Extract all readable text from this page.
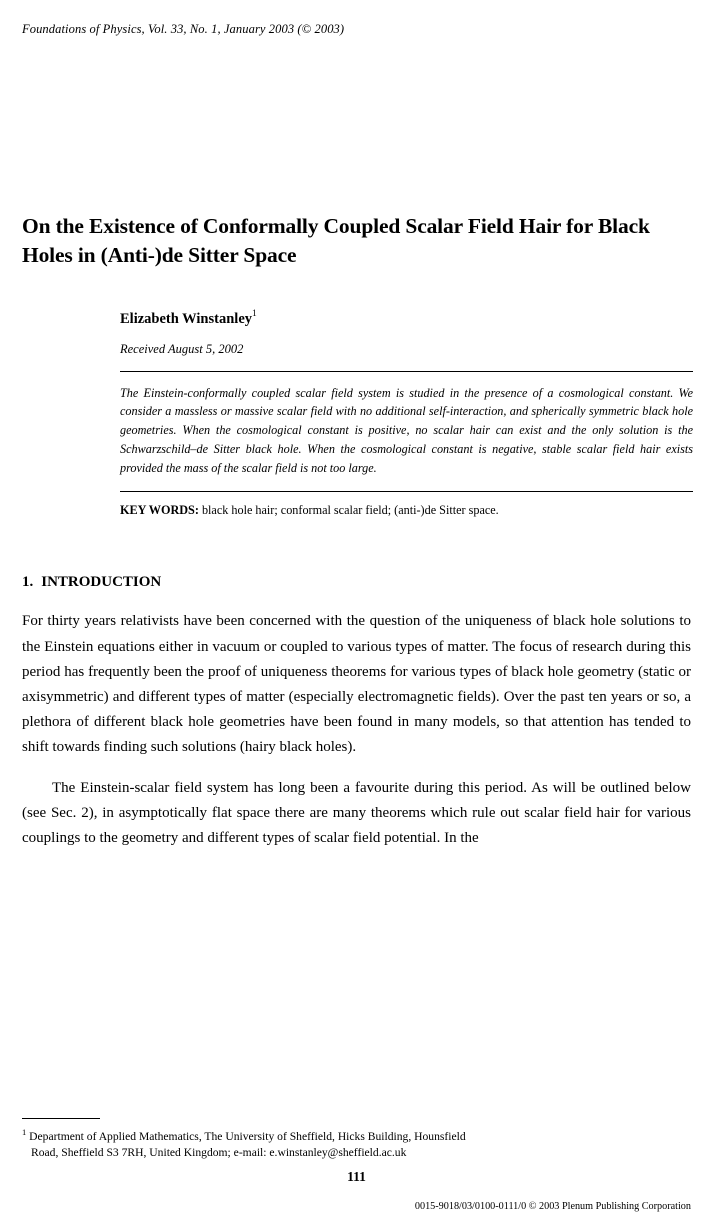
Foundations of Physics, Vol. 33, No. 1, January 2003 (© 2003)
On the Existence of Conformally Coupled Scalar Field Hair for Black Holes in (Anti-)de Sitter Space
Elizabeth Winstanley$^1$
Received August 5, 2002
The Einstein-conformally coupled scalar field system is studied in the presence of a cosmological constant. We consider a massless or massive scalar field with no additional self-interaction, and spherically symmetric black hole geometries. When the cosmological constant is positive, no scalar hair can exist and the only solution is the Schwarzschild–de Sitter black hole. When the cosmological constant is negative, stable scalar field hair exists provided the mass of the scalar field is not too large.
KEY WORDS: black hole hair; conformal scalar field; (anti-)de Sitter space.
1. INTRODUCTION

For thirty years relativists have been concerned with the question of the uniqueness of black hole solutions to the Einstein equations either in vacuum or coupled to various types of matter. The focus of research during this period has frequently been the proof of uniqueness theorems for various types of black hole geometry (static or axisymmetric) and different types of matter (especially electromagnetic fields). Over the past ten years or so, a plethora of different black hole geometries have been found in many models, so that attention has tended to shift towards finding such solutions (hairy black holes).

The Einstein-scalar field system has long been a favourite during this period. As will be outlined below (see Sec. 2), in asymptotically flat space there are many theorems which rule out scalar field hair for various couplings to the geometry and different types of scalar field potential. In the

$^1$ Department of Applied Mathematics, The University of Sheffield, Hicks Building, Hounsfield
Road, Sheffield S3 7RH, United Kingdom; e-mail: e.winstanley@sheffield.ac.uk
111
0015-9018/03/0100-0111/0 © 2003 Plenum Publishing Corporation
